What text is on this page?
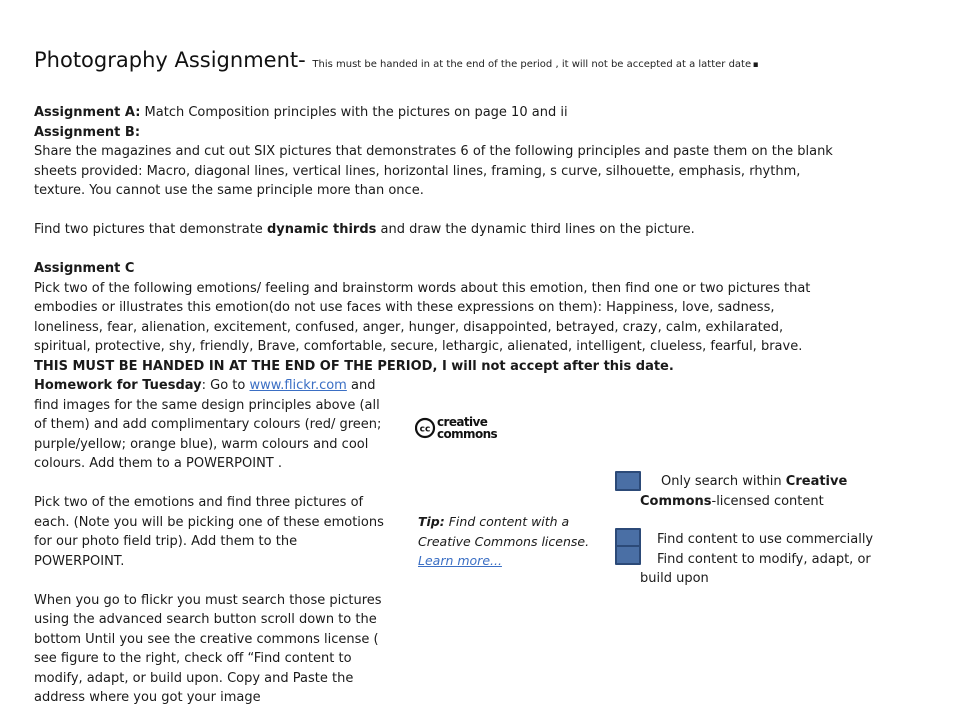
Photography Assignment- This must be handed in at the end of the period , it will not be accepted at a latter date.

Assignment A: Match Composition principles with the pictures on page 10 and ii

Assignment B:

Share the magazines and cut out SIX pictures that demonstrates 6 of the following principles and paste them on the blank sheets provided: Macro, diagonal lines, vertical lines, horizontal lines, framing, s curve, silhouette, emphasis, rhythm, texture. You cannot use the same principle more than once.

Find two pictures that demonstrate dynamic thirds and draw the dynamic third lines on the picture.

Assignment C

Pick two of the following emotions/ feeling and brainstorm words about this emotion, then find one or two pictures that embodies or illustrates this emotion(do not use faces with these expressions on them): Happiness, love, sadness, loneliness, fear, alienation, excitement, confused, anger, hunger, disappointed, betrayed, crazy, calm, exhilarated, spiritual, protective, shy, friendly, Brave, comfortable, secure, lethargic, alienated, intelligent, clueless, fearful, brave.

THIS MUST BE HANDED IN AT THE END OF THE PERIOD, I will not accept after this date.

Homework for Tuesday: Go to www.flickr.com and find images for the same design principles above (all of them) and add complimentary colours (red/ green; purple/yellow; orange blue), warm colours and cool colours. Add them to a POWERPOINT .

Pick two of the emotions and find three pictures of each. (Note you will be picking one of these emotions for our photo field trip). Add them to the POWERPOINT.

When you go to flickr you must search those pictures using the advanced search button scroll down to the bottom Until you see the creative commons license ( see figure to the right, check off “Find content to modify, adapt, or build upon. Copy and Paste the address where you got your image

cc
creative
commons

Tip: Find content with a Creative Commons license.

Learn more...

Only search within Creative Commons-licensed content
Find content to use commercially
Find content to modify, adapt, or build upon
